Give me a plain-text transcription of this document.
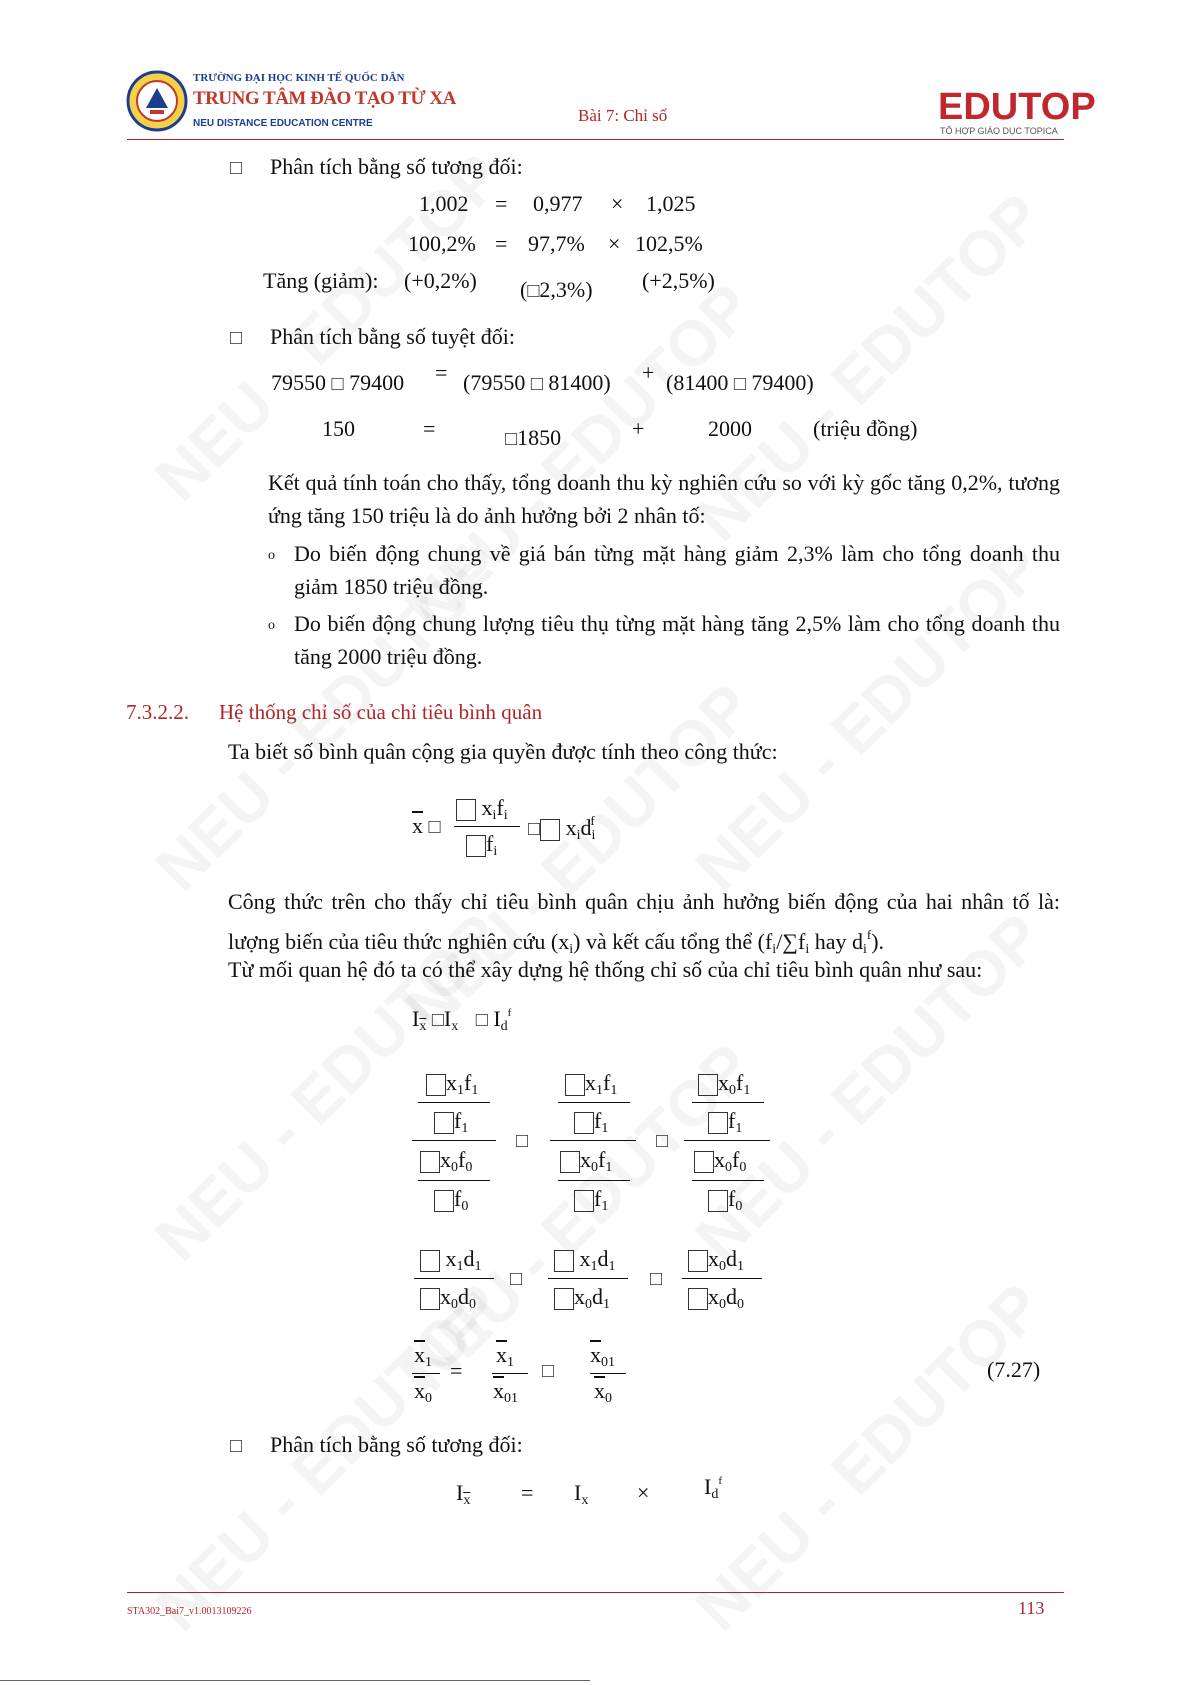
TRƯỜNG ĐẠI HỌC KINH TẾ QUỐC DÂN
TRUNG TÂM ĐÀO TẠO TỪ XA
NEU DISTANCE EDUCATION CENTRE	Bài 7: Chỉ số	EDUTOP
TỔ HỢP GIÁO DỤC TOPICA
□ Phân tích bằng số tương đối:
1,002 = 0,977 × 1,025
100,2% = 97,7% × 102,5%
Tăng (giảm): (+0,2%) (□2,3%) (+2,5%)
□ Phân tích bằng số tuyệt đối:
79550 □ 79400 = (79550 □ 81400) + (81400 □ 79400)
150	=	□1850	+	2000	(triệu đồng)
Kết quả tính toán cho thấy, tổng doanh thu kỳ nghiên cứu so với kỳ gốc tăng 0,2%, tương ứng tăng 150 triệu là do ảnh hưởng bởi 2 nhân tố:
o Do biến động chung về giá bán từng mặt hàng giảm 2,3% làm cho tổng doanh thu giảm 1850 triệu đồng.
o Do biến động chung lượng tiêu thụ từng mặt hàng tăng 2,5% làm cho tổng doanh thu tăng 2000 triệu đồng.
7.3.2.2. Hệ thống chỉ số của chỉ tiêu bình quân
Ta biết số bình quân cộng gia quyền được tính theo công thức:
$\overline{x}$ □
$x_if_i$
$f_i$
□ $x_id_i^f$
Công thức trên cho thấy chỉ tiêu bình quân chịu ảnh hưởng biến động của hai nhân tố là: lượng biến của tiêu thức nghiên cứu $(x_i)$ và kết cấu tổng thể ($f_i/\sum f_i$ hay $d_i^f$).
Từ mối quan hệ đó ta có thể xây dựng hệ thống chỉ số của chỉ tiêu bình quân như sau:
$I_{\overline{x}}$ $□I_x$ □ $I_d^f$
$x_1f_1$
$f_1$
$x_0f_0$
$f_0$
□
$x_1f_1$
$f_1$
$x_0f_1$
$f_1$
□
$x_0f_1$
$f_1$
$x_0f_0$
$f_0$
$x_1d_1$
$x_0d_0$
□
$x_1d_1$
$x_0d_1$
□
$x_0d_1$
$x_0d_0$
$\overline{x}_1$
$\overline{x}_0$
=
$\overline{x}_1$
$\overline{x}_{01}$
□
$\overline{x}_{01}$
$\overline{x}_0$
(7.27)
□ Phân tích bằng số tương đối:
$I_{\overline{x}} = I_x \times I_d^f$
STA302_Bai7_v1.0013109226	113
